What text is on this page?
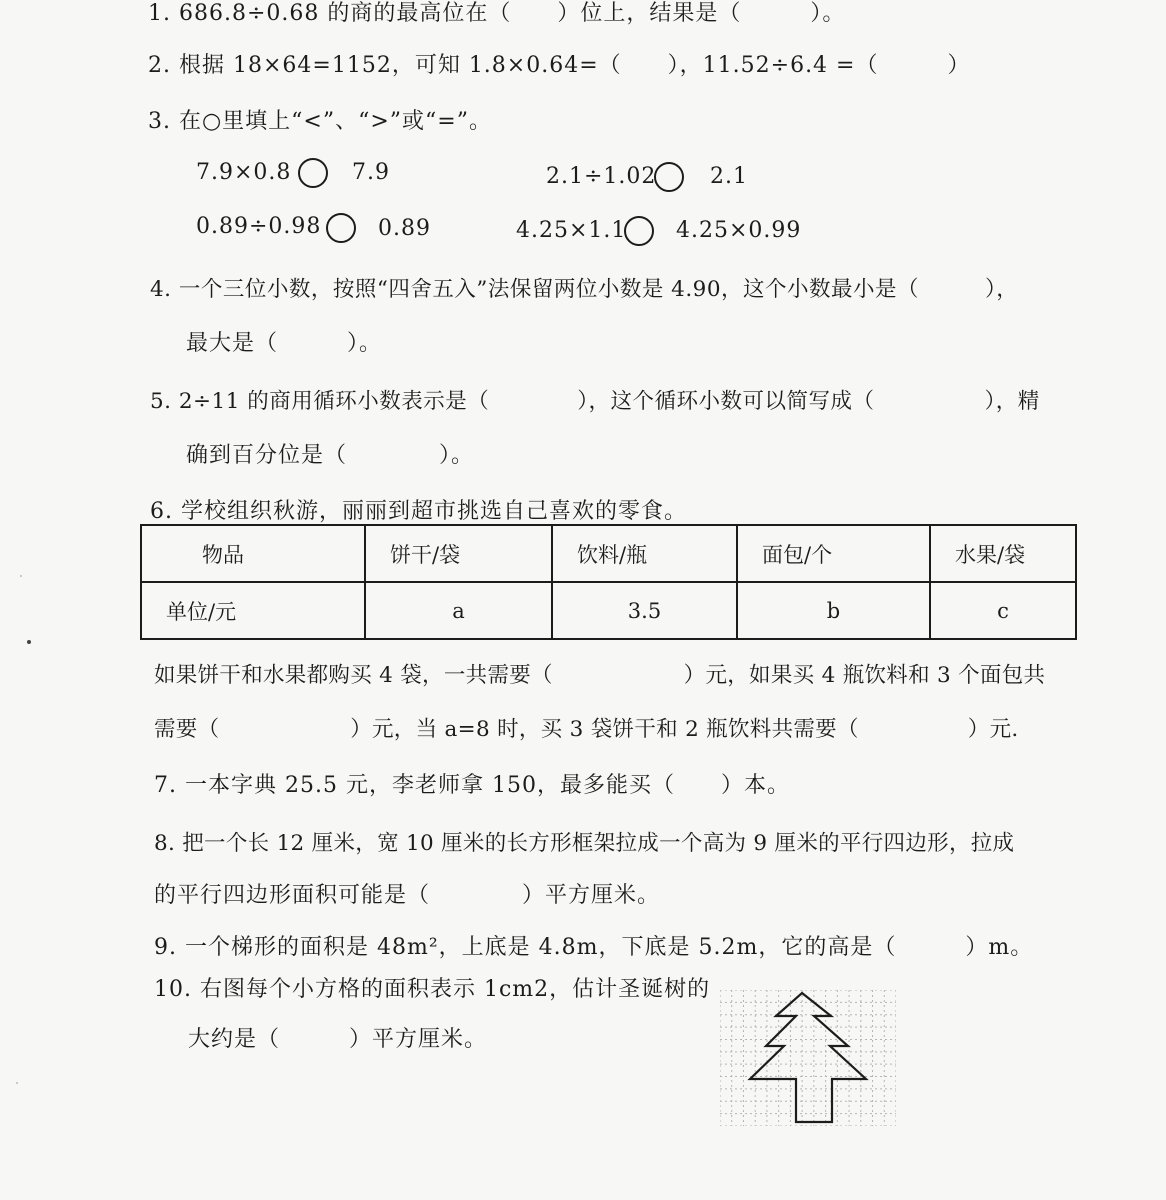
1. 686.8÷0.68 的商的最高位在（　　）位上，结果是（　　　）。
2. 根据 18×64=1152，可知 1.8×0.64=（　　），11.52÷6.4 =（　　　）
3. 在○里填上“<”、“>”或“=”。
7.9×0.8	7.9	2.1÷1.02 2.1
0.89÷0.98	0.89	4.25×1.1 4.25×0.99
4. 一个三位小数，按照“四舍五入”法保留两位小数是 4.90，这个小数最小是（　　　），
最大是（　　　）。
5. 2÷11 的商用循环小数表示是（　　　　），这个循环小数可以简写成（　　　　　），精
确到百分位是（　　　　）。
6. 学校组织秋游，丽丽到超市挑选自己喜欢的零食。
物品	饼干/袋	饮料/瓶	面包/个	水果/袋
单位/元	a	3.5	b	c
如果饼干和水果都购买 4 袋，一共需要（　　　　　　）元，如果买 4 瓶饮料和 3 个面包共
需要（　　　　　　）元，当 a=8 时，买 3 袋饼干和 2 瓶饮料共需要（　　　　　）元.
7. 一本字典 25.5 元，李老师拿 150，最多能买（　　）本。
8. 把一个长 12 厘米，宽 10 厘米的长方形框架拉成一个高为 9 厘米的平行四边形，拉成
的平行四边形面积可能是（　　　　）平方厘米。
9. 一个梯形的面积是 48m²，上底是 4.8m，下底是 5.2m，它的高是（　　　）m。
10. 右图每个小方格的面积表示 1cm2，估计圣诞树的
大约是（　　　）平方厘米。
